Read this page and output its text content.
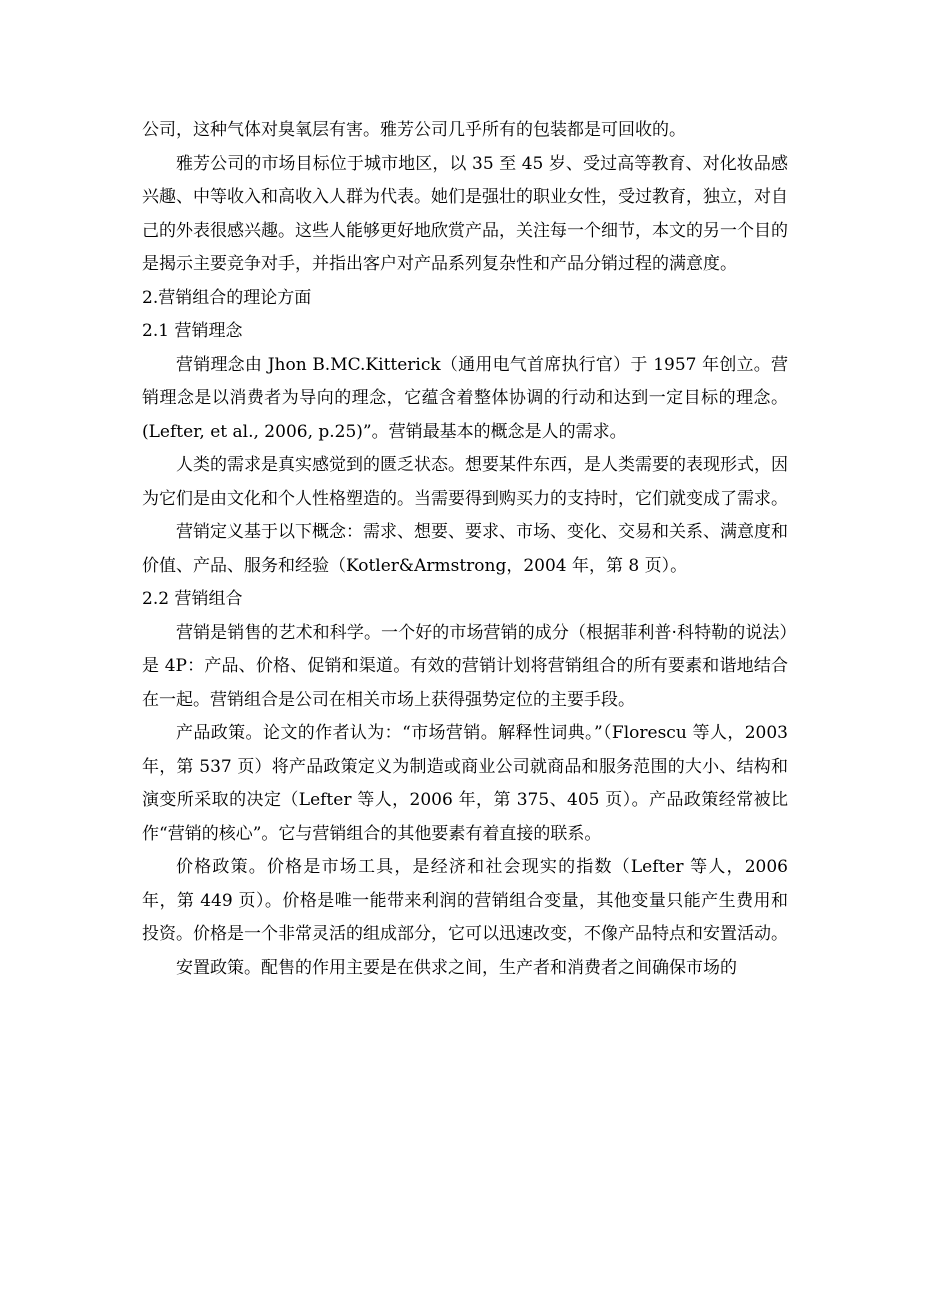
公司，这种气体对臭氧层有害。雅芳公司几乎所有的包装都是可回收的。

雅芳公司的市场目标位于城市地区，以 35 至 45 岁、受过高等教育、对化妆品感兴趣、中等收入和高收入人群为代表。她们是强壮的职业女性，受过教育，独立，对自己的外表很感兴趣。这些人能够更好地欣赏产品，关注每一个细节，本文的另一个目的是揭示主要竞争对手，并指出客户对产品系列复杂性和产品分销过程的满意度。

2.营销组合的理论方面

2.1 营销理念

营销理念由 Jhon B.MC.Kitterick（通用电气首席执行官）于 1957 年创立。营销理念是以消费者为导向的理念，它蕴含着整体协调的行动和达到一定目标的理念。(Lefter, et al., 2006, p.25)”。营销最基本的概念是人的需求。

人类的需求是真实感觉到的匮乏状态。想要某件东西，是人类需要的表现形式，因为它们是由文化和个人性格塑造的。当需要得到购买力的支持时，它们就变成了需求。

营销定义基于以下概念：需求、想要、要求、市场、变化、交易和关系、满意度和价值、产品、服务和经验（Kotler&Armstrong，2004 年，第 8 页）。

2.2 营销组合

营销是销售的艺术和科学。一个好的市场营销的成分（根据菲利普·科特勒的说法）是 4P：产品、价格、促销和渠道。有效的营销计划将营销组合的所有要素和谐地结合在一起。营销组合是公司在相关市场上获得强势定位的主要手段。

产品政策。论文的作者认为：“市场营销。解释性词典。”（Florescu 等人，2003 年，第 537 页）将产品政策定义为制造或商业公司就商品和服务范围的大小、结构和演变所采取的决定（Lefter 等人，2006 年，第 375、405 页）。产品政策经常被比作“营销的核心”。它与营销组合的其他要素有着直接的联系。

价格政策。价格是市场工具，是经济和社会现实的指数（Lefter 等人，2006 年，第 449 页）。价格是唯一能带来利润的营销组合变量，其他变量只能产生费用和投资。价格是一个非常灵活的组成部分，它可以迅速改变，不像产品特点和安置活动。

安置政策。配售的作用主要是在供求之间，生产者和消费者之间确保市场的
